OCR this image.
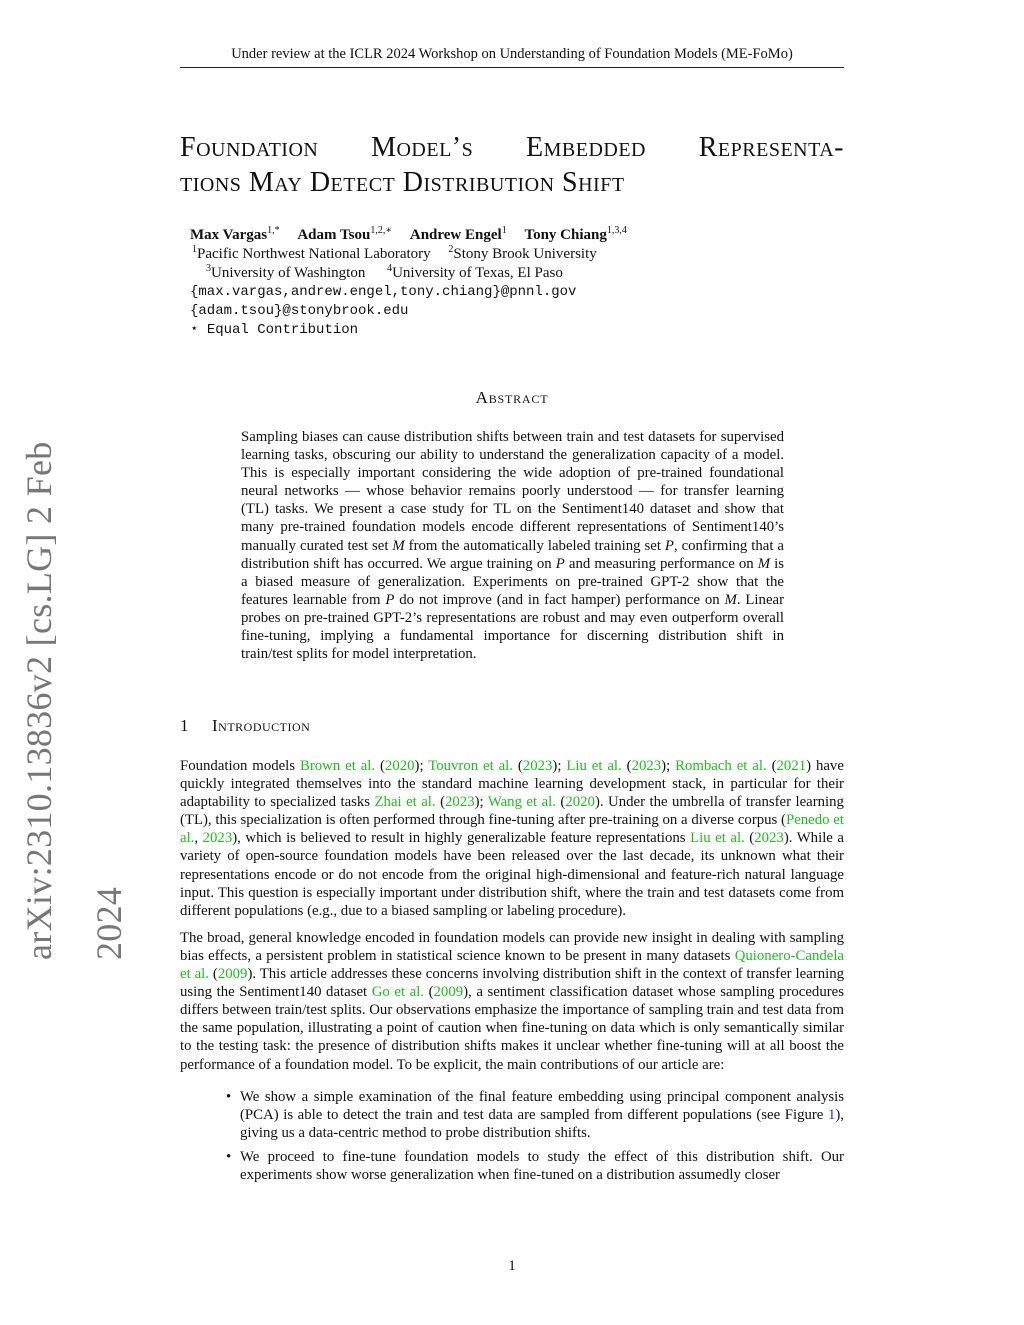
Under review at the ICLR 2024 Workshop on Understanding of Foundation Models (ME-FoMo)
arXiv:2310.13836v2 [cs.LG] 2 Feb 2024
Foundation Model’s Embedded Representa-
tions May Detect Distribution Shift
Max Vargas$^{1,*}$ Adam Tsou$^{1,2,∗}$ Andrew Engel$^1$ Tony Chiang$^{1,3,4}$
$^1$Pacific Northwest National Laboratory $^2$Stony Brook University
$^3$University of Washington $^4$University of Texas, El Paso
{max.vargas,andrew.engel,tony.chiang}@pnnl.gov
{adam.tsou}@stonybrook.edu
⋆ Equal Contribution
Abstract
Sampling biases can cause distribution shifts between train and test datasets for supervised learning tasks, obscuring our ability to understand the generalization capacity of a model. This is especially important considering the wide adoption of pre-trained foundational neural networks — whose behavior remains poorly understood — for transfer learning (TL) tasks. We present a case study for TL on the Sentiment140 dataset and show that many pre-trained foundation models encode different representations of Sentiment140’s manually curated test set M from the automatically labeled training set P, confirming that a distribution shift has occurred. We argue training on P and measuring performance on M is a biased measure of generalization. Experiments on pre-trained GPT-2 show that the features learnable from P do not improve (and in fact hamper) performance on M. Linear probes on pre-trained GPT-2’s representations are robust and may even outperform overall fine-tuning, implying a fundamental importance for discerning distribution shift in train/test splits for model interpretation.
1 Introduction

Foundation models Brown et al. (2020); Touvron et al. (2023); Liu et al. (2023); Rombach et al. (2021) have quickly integrated themselves into the standard machine learning development stack, in particular for their adaptability to specialized tasks Zhai et al. (2023); Wang et al. (2020). Under the umbrella of transfer learning (TL), this specialization is often performed through fine-tuning after pre-training on a diverse corpus (Penedo et al., 2023), which is believed to result in highly generalizable feature representations Liu et al. (2023). While a variety of open-source foundation models have been released over the last decade, its unknown what their representations encode or do not encode from the original high-dimensional and feature-rich natural language input. This question is especially important under distribution shift, where the train and test datasets come from different populations (e.g., due to a biased sampling or labeling procedure).

The broad, general knowledge encoded in foundation models can provide new insight in dealing with sampling bias effects, a persistent problem in statistical science known to be present in many datasets Quionero-Candela et al. (2009). This article addresses these concerns involving distribution shift in the context of transfer learning using the Sentiment140 dataset Go et al. (2009), a sentiment classification dataset whose sampling procedures differs between train/test splits. Our observations emphasize the importance of sampling train and test data from the same population, illustrating a point of caution when fine-tuning on data which is only semantically similar to the testing task: the presence of distribution shifts makes it unclear whether fine-tuning will at all boost the performance of a foundation model. To be explicit, the main contributions of our article are:

• We show a simple examination of the final feature embedding using principal component analysis (PCA) is able to detect the train and test data are sampled from different populations (see Figure 1), giving us a data-centric method to probe distribution shifts.
• We proceed to fine-tune foundation models to study the effect of this distribution shift. Our experiments show worse generalization when fine-tuned on a distribution assumedly closer
1
